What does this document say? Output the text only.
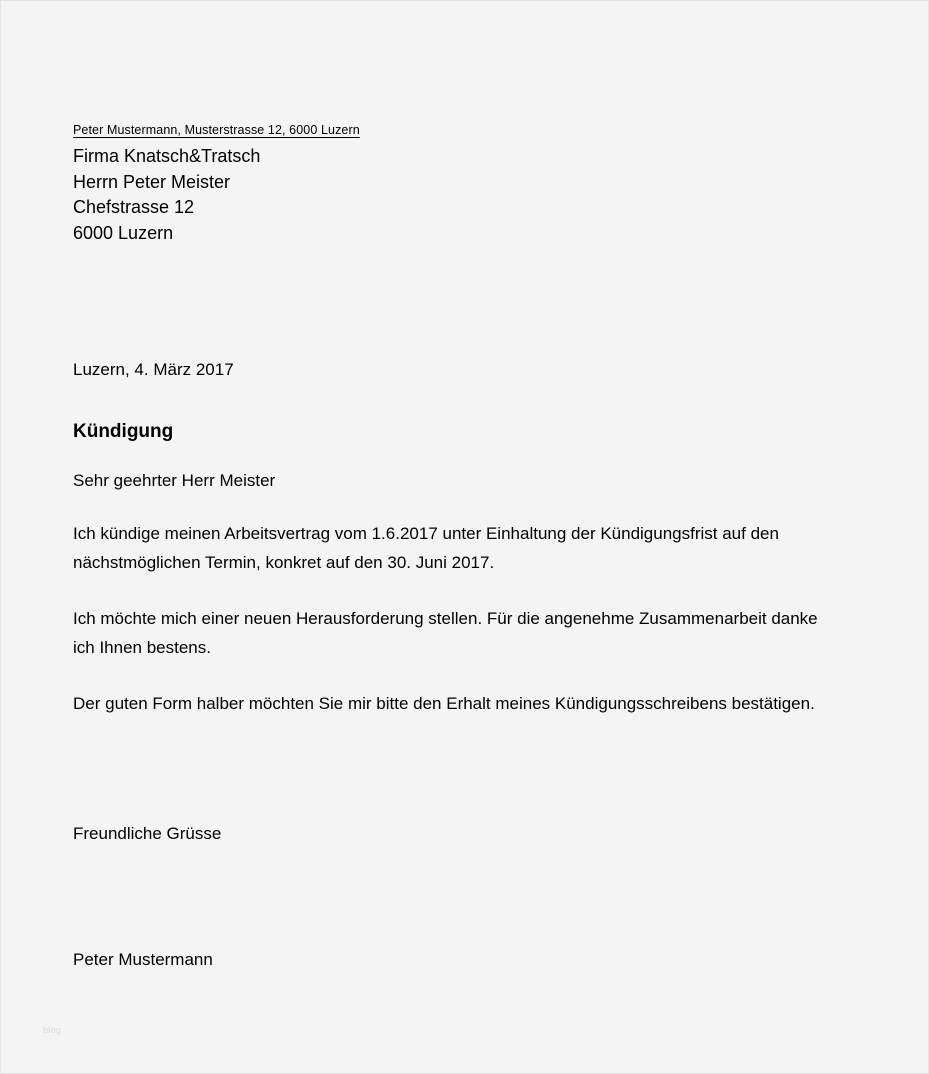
Peter Mustermann, Musterstrasse 12, 6000 Luzern
Firma Knatsch&Tratsch
Herrn Peter Meister
Chefstrasse 12
6000 Luzern
Luzern, 4. März 2017
Kündigung
Sehr geehrter Herr Meister
Ich kündige meinen Arbeitsvertrag vom 1.6.2017 unter Einhaltung der Kündigungsfrist auf den nächstmöglichen Termin, konkret auf den 30. Juni 2017.
Ich möchte mich einer neuen Herausforderung stellen. Für die angenehme Zusammenarbeit danke ich Ihnen bestens.
Der guten Form halber möchten Sie mir bitte den Erhalt meines Kündigungsschreibens bestätigen.
Freundliche Grüsse
Peter Mustermann
blog
